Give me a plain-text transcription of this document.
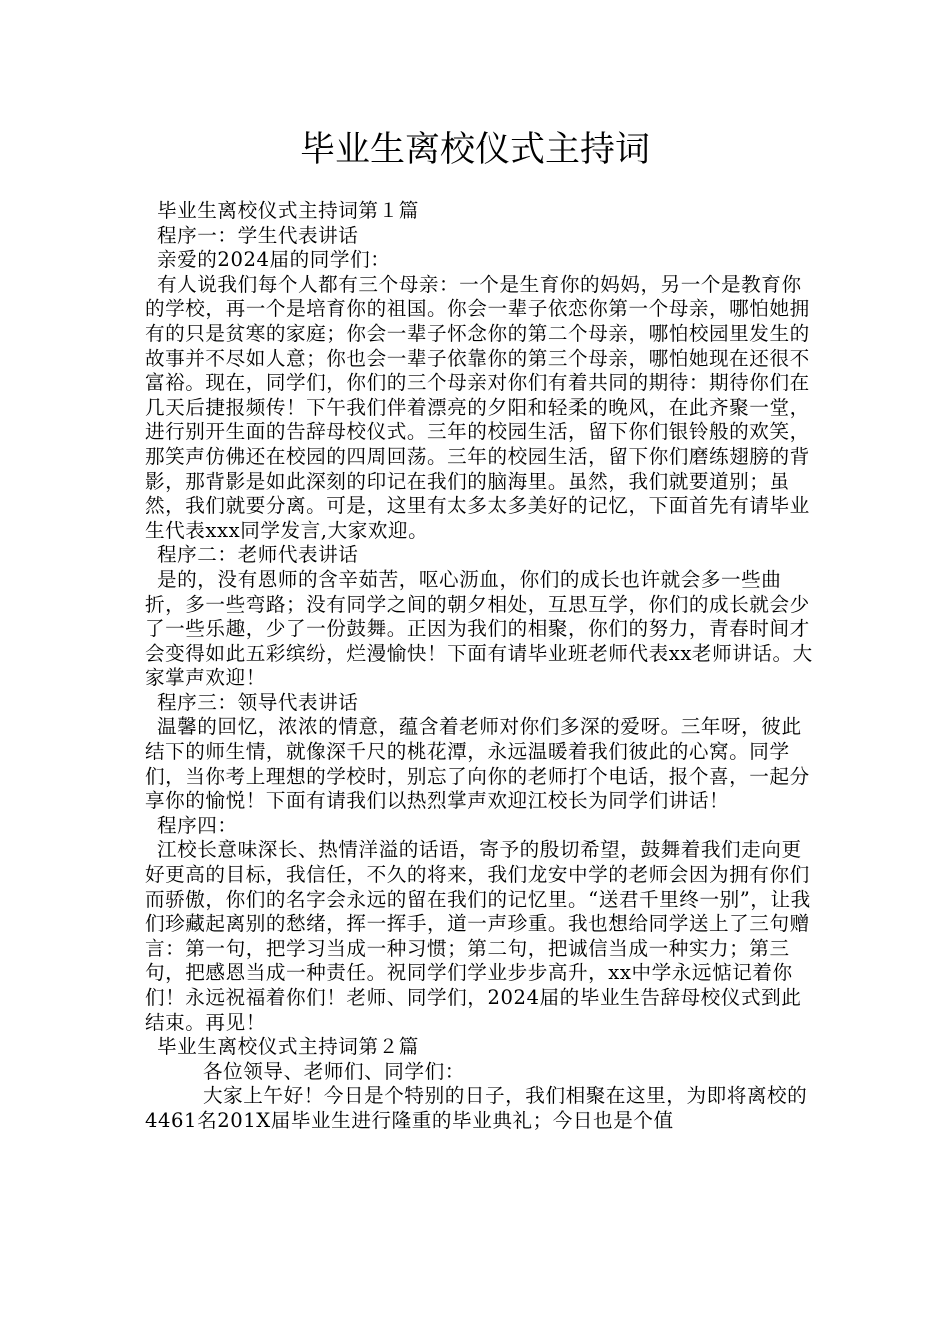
毕业生离校仪式主持词

毕业生离校仪式主持词第１篇

程序一：学生代表讲话

亲爱的2024届的同学们：

有人说我们每个人都有三个母亲：一个是生育你的妈妈，另一个是教育你的学校，再一个是培育你的祖国。你会一辈子依恋你第一个母亲，哪怕她拥有的只是贫寒的家庭；你会一辈子怀念你的第二个母亲，哪怕校园里发生的故事并不尽如人意；你也会一辈子依靠你的第三个母亲，哪怕她现在还很不富裕。现在，同学们，你们的三个母亲对你们有着共同的期待：期待你们在几天后捷报频传！下午我们伴着漂亮的夕阳和轻柔的晚风，在此齐聚一堂，进行别开生面的告辞母校仪式。三年的校园生活，留下你们银铃般的欢笑，那笑声仿佛还在校园的四周回荡。三年的校园生活，留下你们磨练翅膀的背影，那背影是如此深刻的印记在我们的脑海里。虽然，我们就要道别；虽然，我们就要分离。可是，这里有太多太多美好的记忆，下面首先有请毕业生代表xxx同学发言,大家欢迎。

程序二：老师代表讲话

是的，没有恩师的含辛茹苦，呕心沥血，你们的成长也许就会多一些曲折，多一些弯路；没有同学之间的朝夕相处，互思互学，你们的成长就会少了一些乐趣，少了一份鼓舞。正因为我们的相聚，你们的努力，青春时间才会变得如此五彩缤纷，烂漫愉快！下面有请毕业班老师代表xx老师讲话。大家掌声欢迎！

程序三：领导代表讲话

温馨的回忆，浓浓的情意，蕴含着老师对你们多深的爱呀。三年呀，彼此结下的师生情，就像深千尺的桃花潭，永远温暖着我们彼此的心窝。同学们，当你考上理想的学校时，别忘了向你的老师打个电话，报个喜，一起分享你的愉悦！下面有请我们以热烈掌声欢迎江校长为同学们讲话！

程序四：

江校长意味深长、热情洋溢的话语，寄予的殷切希望，鼓舞着我们走向更好更高的目标，我信任，不久的将来，我们龙安中学的老师会因为拥有你们而骄傲，你们的名字会永远的留在我们的记忆里。“送君千里终一别”，让我们珍藏起离别的愁绪，挥一挥手，道一声珍重。我也想给同学送上了三句赠言：第一句，把学习当成一种习惯；第二句，把诚信当成一种实力；第三句，把感恩当成一种责任。祝同学们学业步步高升，xx中学永远惦记着你们！永远祝福着你们！老师、同学们，2024届的毕业生告辞母校仪式到此结束。再见！

毕业生离校仪式主持词第２篇

各位领导、老师们、同学们：

大家上午好！今日是个特别的日子，我们相聚在这里，为即将离校的4461名201X届毕业生进行隆重的毕业典礼；今日也是个值
